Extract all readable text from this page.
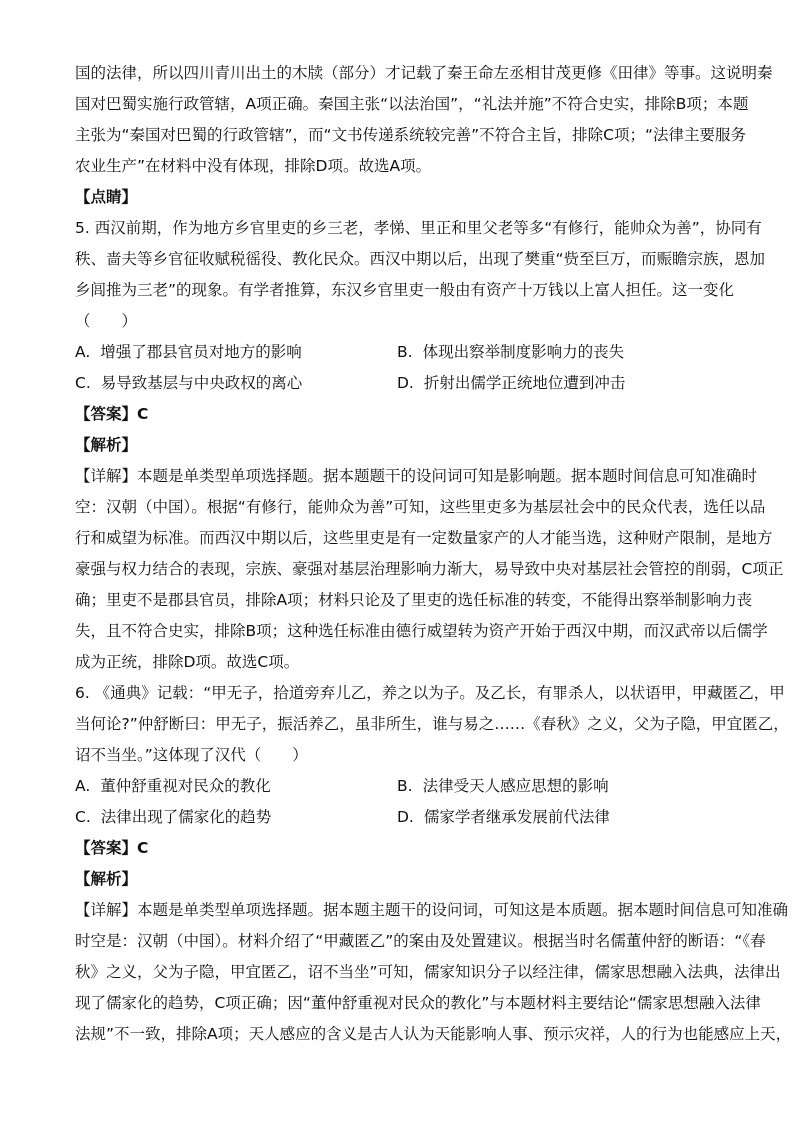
国的法律，所以四川青川出土的木牍（部分）才记载了秦王命左丞相甘茂更修《田律》等事。这说明秦
国对巴蜀实施行政管辖，A项正确。秦国主张“以法治国”，“礼法并施”不符合史实，排除B项；本题
主张为“秦国对巴蜀的行政管辖”，而“文书传递系统较完善”不符合主旨，排除C项；“法律主要服务
农业生产”在材料中没有体现，排除D项。故选A项。
【点睛】
5. 西汉前期，作为地方乡官里吏的乡三老，孝悌、里正和里父老等多“有修行，能帅众为善”，协同有
秩、啬夫等乡官征收赋税徭役、教化民众。西汉中期以后，出现了樊重“赀至巨万，而赈瞻宗族，恩加
乡闾推为三老”的现象。有学者推算，东汉乡官里吏一般由有资产十万钱以上富人担任。这一变化
（　　）
A. 增强了郡县官员对地方的影响	B. 体现出察举制度影响力的丧失
C. 易导致基层与中央政权的离心	D. 折射出儒学正统地位遭到冲击
【答案】C
【解析】
【详解】本题是单类型单项选择题。据本题题干的设问词可知是影响题。据本题时间信息可知准确时
空：汉朝（中国）。根据“有修行，能帅众为善”可知，这些里吏多为基层社会中的民众代表，选任以品
行和威望为标准。而西汉中期以后，这些里吏是有一定数量家产的人才能当选，这种财产限制，是地方
豪强与权力结合的表现，宗族、豪强对基层治理影响力渐大，易导致中央对基层社会管控的削弱，C项正
确；里吏不是郡县官员，排除A项；材料只论及了里吏的选任标准的转变，不能得出察举制影响力丧
失，且不符合史实，排除B项；这种选任标准由德行威望转为资产开始于西汉中期，而汉武帝以后儒学
成为正统，排除D项。故选C项。
6. 《通典》记载：“甲无子，拾道旁弃儿乙，养之以为子。及乙长，有罪杀人，以状语甲，甲藏匿乙，甲
当何论?”仲舒断曰：甲无子，振活养乙，虽非所生，谁与易之……《春秋》之义，父为子隐，甲宜匿乙，
诏不当坐。”这体现了汉代（　　）
A. 董仲舒重视对民众的教化	B. 法律受天人感应思想的影响
C. 法律出现了儒家化的趋势	D. 儒家学者继承发展前代法律
【答案】C
【解析】
【详解】本题是单类型单项选择题。据本题主题干的设问词，可知这是本质题。据本题时间信息可知准确
时空是：汉朝（中国）。材料介绍了“甲藏匿乙”的案由及处置建议。根据当时名儒董仲舒的断语：“《春
秋》之义，父为子隐，甲宜匿乙，诏不当坐”可知，儒家知识分子以经注律，儒家思想融入法典，法律出
现了儒家化的趋势，C项正确；因“董仲舒重视对民众的教化”与本题材料主要结论“儒家思想融入法律
法规”不一致，排除A项；天人感应的含义是古人认为天能影响人事、预示灾祥，人的行为也能感应上天，
